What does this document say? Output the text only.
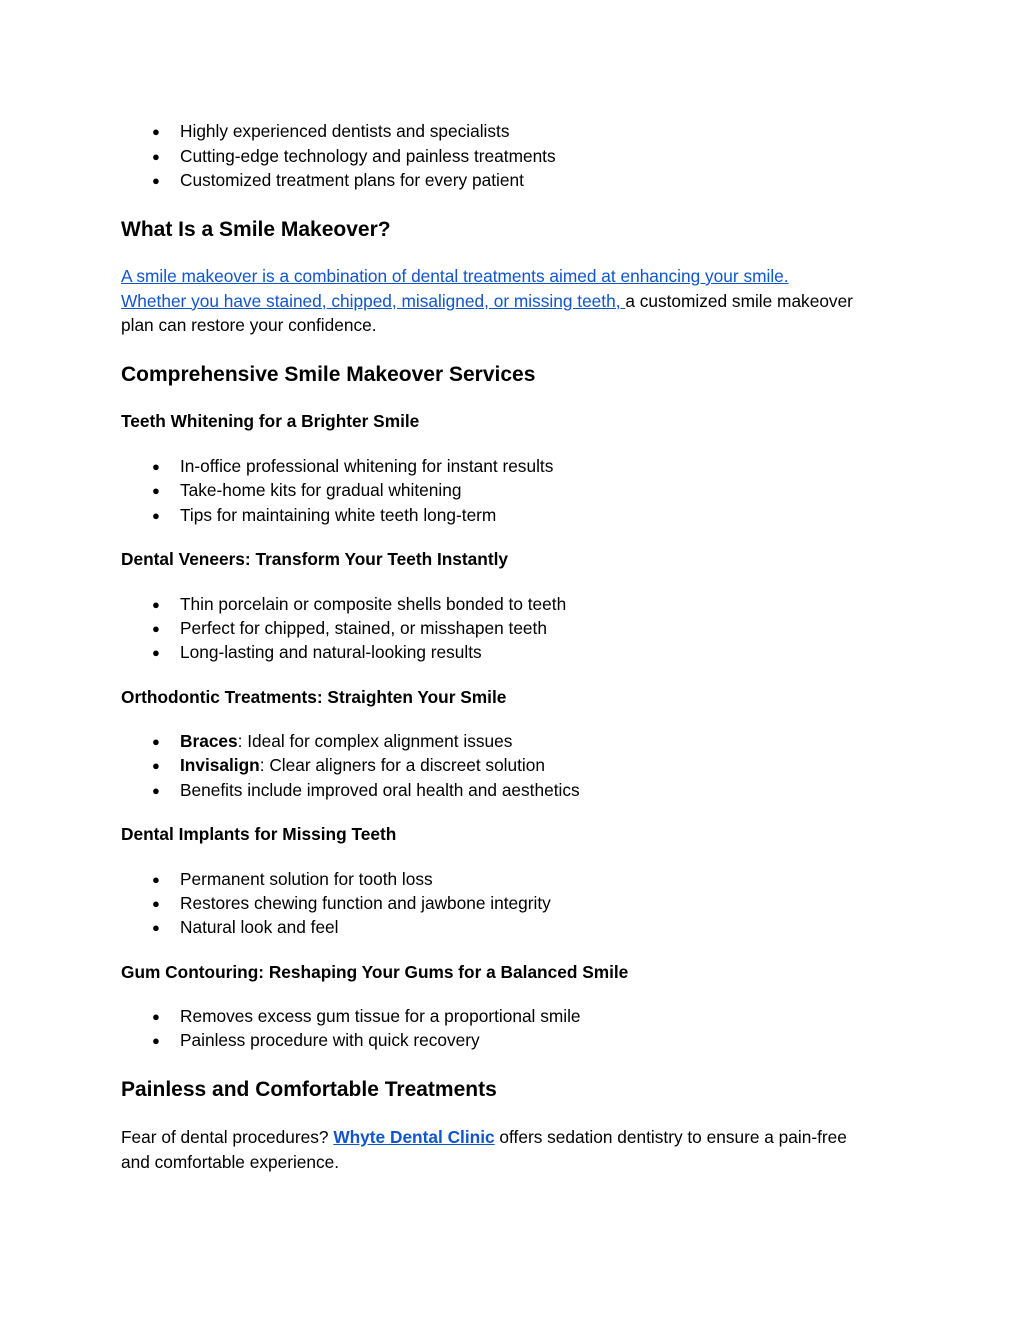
● Highly experienced dentists and specialists
● Cutting-edge technology and painless treatments
● Customized treatment plans for every patient
What Is a Smile Makeover?
A smile makeover is a combination of dental treatments aimed at enhancing your smile.
Whether you have stained, chipped, misaligned, or missing teeth, a customized smile makeover
plan can restore your confidence.
Comprehensive Smile Makeover Services
Teeth Whitening for a Brighter Smile
● In-office professional whitening for instant results
● Take-home kits for gradual whitening
● Tips for maintaining white teeth long-term
Dental Veneers: Transform Your Teeth Instantly
● Thin porcelain or composite shells bonded to teeth
● Perfect for chipped, stained, or misshapen teeth
● Long-lasting and natural-looking results
Orthodontic Treatments: Straighten Your Smile
● Braces: Ideal for complex alignment issues
● Invisalign: Clear aligners for a discreet solution
● Benefits include improved oral health and aesthetics
Dental Implants for Missing Teeth
● Permanent solution for tooth loss
● Restores chewing function and jawbone integrity
● Natural look and feel
Gum Contouring: Reshaping Your Gums for a Balanced Smile
● Removes excess gum tissue for a proportional smile
● Painless procedure with quick recovery
Painless and Comfortable Treatments
Fear of dental procedures? Whyte Dental Clinic offers sedation dentistry to ensure a pain-free
and comfortable experience.
